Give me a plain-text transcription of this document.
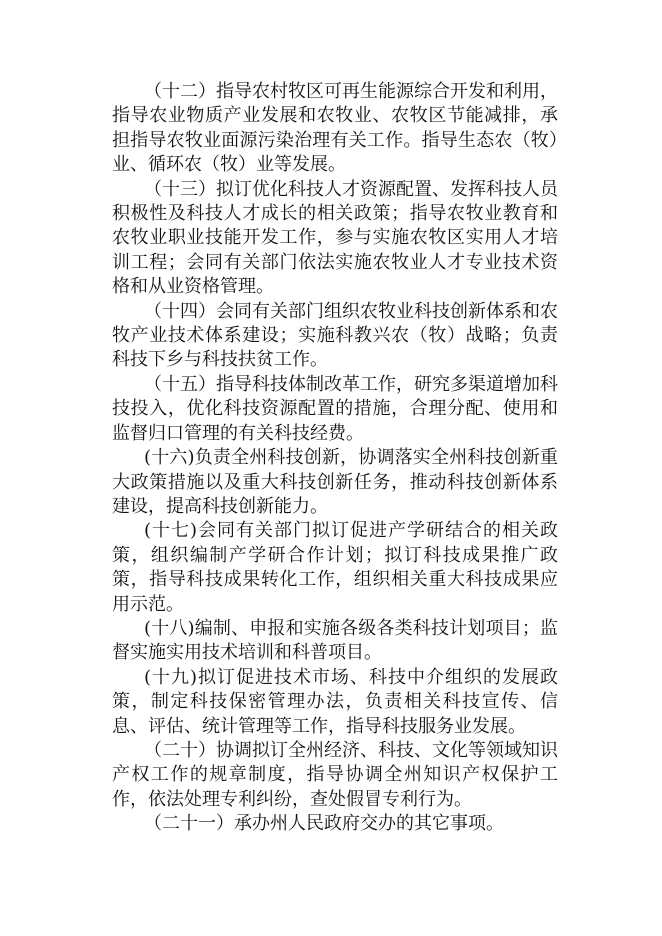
（十二）指导农村牧区可再生能源综合开发和利用，指导农业物质产业发展和农牧业、农牧区节能减排，承担指导农牧业面源污染治理有关工作。指导生态农（牧）业、循环农（牧）业等发展。

（十三）拟订优化科技人才资源配置、发挥科技人员积极性及科技人才成长的相关政策；指导农牧业教育和农牧业职业技能开发工作，参与实施农牧区实用人才培训工程；会同有关部门依法实施农牧业人才专业技术资格和从业资格管理。

（十四）会同有关部门组织农牧业科技创新体系和农牧产业技术体系建设；实施科教兴农（牧）战略；负责科技下乡与科技扶贫工作。

（十五）指导科技体制改革工作，研究多渠道增加科技投入，优化科技资源配置的措施，合理分配、使用和监督归口管理的有关科技经费。

(十六)负责全州科技创新，协调落实全州科技创新重大政策措施以及重大科技创新任务，推动科技创新体系建设，提高科技创新能力。

(十七)会同有关部门拟订促进产学研结合的相关政策，组织编制产学研合作计划；拟订科技成果推广政策，指导科技成果转化工作，组织相关重大科技成果应用示范。

(十八)编制、申报和实施各级各类科技计划项目；监督实施实用技术培训和科普项目。

(十九)拟订促进技术市场、科技中介组织的发展政策，制定科技保密管理办法，负责相关科技宣传、信息、评估、统计管理等工作，指导科技服务业发展。

（二十）协调拟订全州经济、科技、文化等领域知识产权工作的规章制度，指导协调全州知识产权保护工作，依法处理专利纠纷，查处假冒专利行为。

（二十一）承办州人民政府交办的其它事项。
